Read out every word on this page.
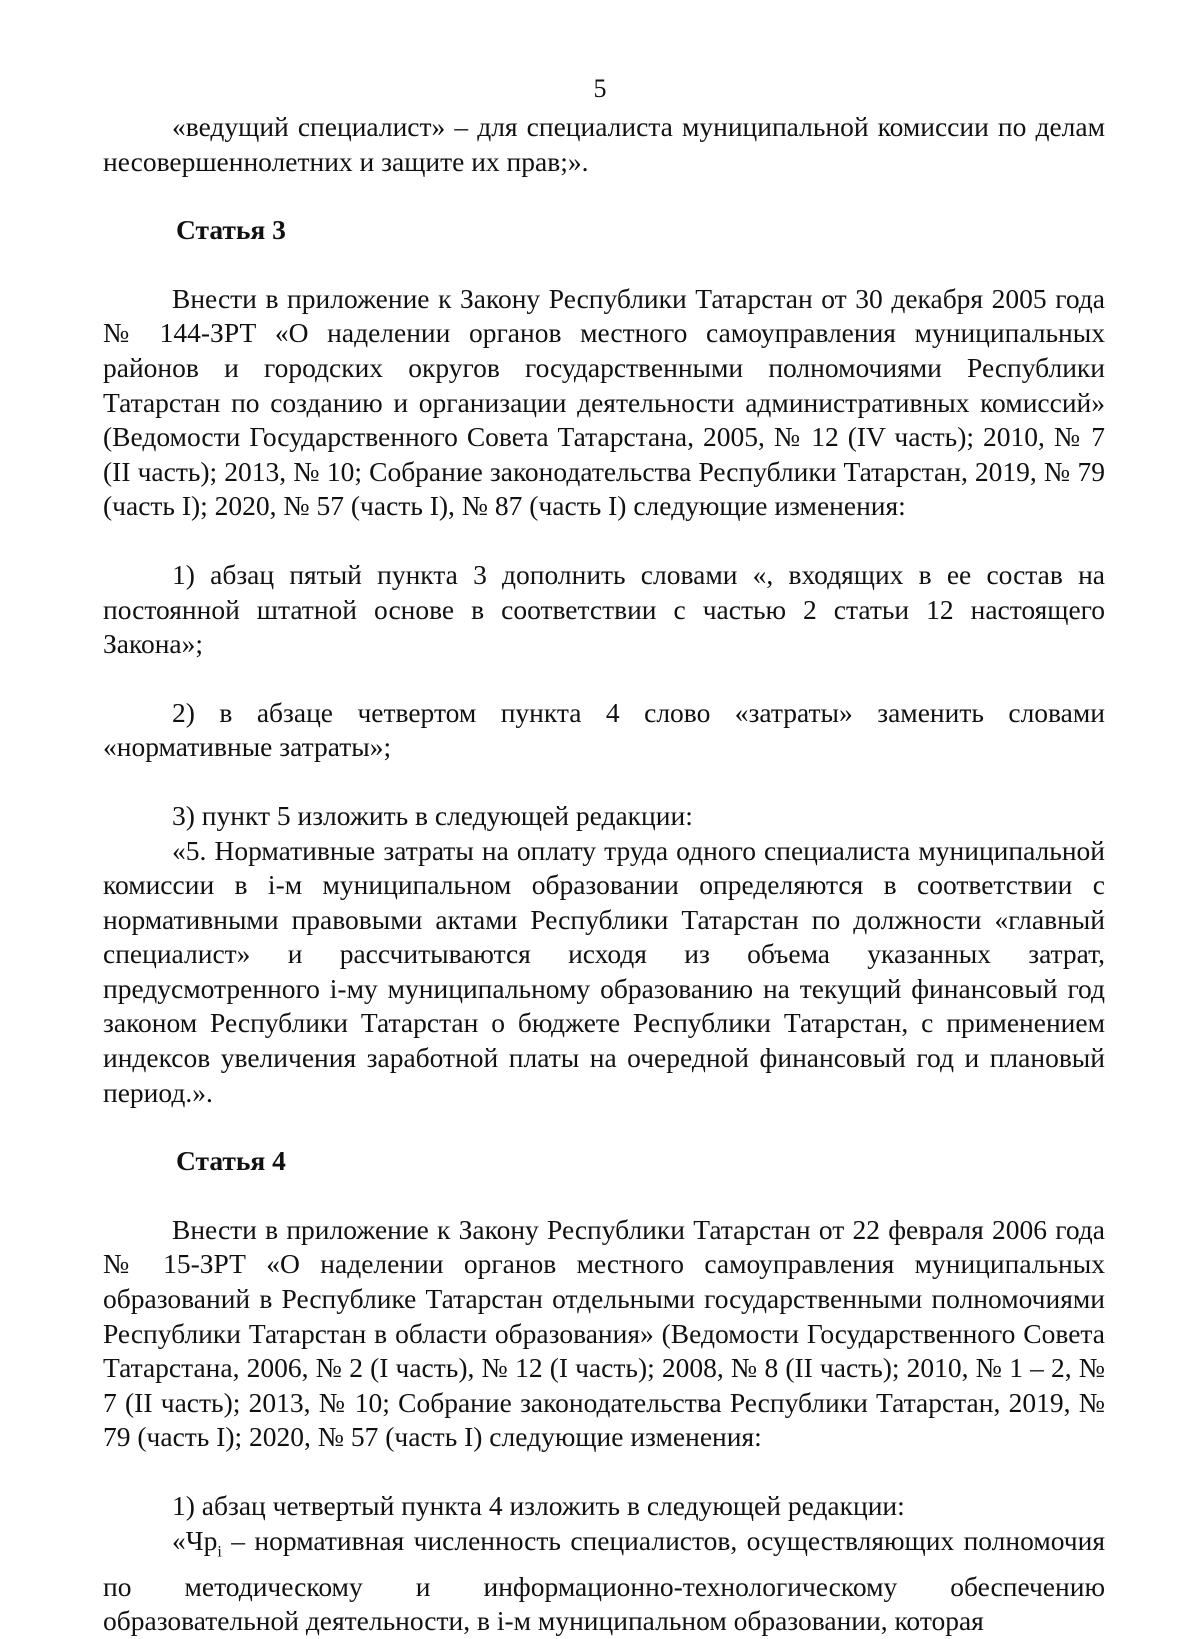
5

«ведущий специалист» – для специалиста муниципальной комиссии по делам несовершеннолетних и защите их прав;».

Статья 3

Внести в приложение к Закону Республики Татарстан от 30 декабря 2005 года № 144-ЗРТ «О наделении органов местного самоуправления муниципальных районов и городских округов государственными полномочиями Республики Татарстан по созданию и организации деятельности административных комиссий» (Ведомости Государственного Совета Татарстана, 2005, № 12 (IV часть); 2010, № 7 (II часть); 2013, № 10; Собрание законодательства Республики Татарстан, 2019, № 79 (часть I); 2020, № 57 (часть I), № 87 (часть I) следующие изменения:

1) абзац пятый пункта 3 дополнить словами «, входящих в ее состав на постоянной штатной основе в соответствии с частью 2 статьи 12 настоящего Закона»;

2) в абзаце четвертом пункта 4 слово «затраты» заменить словами «нормативные затраты»;

3) пункт 5 изложить в следующей редакции:

«5. Нормативные затраты на оплату труда одного специалиста муниципальной комиссии в i-м муниципальном образовании определяются в соответствии с нормативными правовыми актами Республики Татарстан по должности «главный специалист» и рассчитываются исходя из объема указанных затрат, предусмотренного i-му муниципальному образованию на текущий финансовый год законом Республики Татарстан о бюджете Республики Татарстан, с применением индексов увеличения заработной платы на очередной финансовый год и плановый период.».

Статья 4

Внести в приложение к Закону Республики Татарстан от 22 февраля 2006 года № 15-ЗРТ «О наделении органов местного самоуправления муниципальных образований в Республике Татарстан отдельными государственными полномочиями Республики Татарстан в области образования» (Ведомости Государственного Совета Татарстана, 2006, № 2 (I часть), № 12 (I часть); 2008, № 8 (II часть); 2010, № 1 – 2, № 7 (II часть); 2013, № 10; Собрание законодательства Республики Татарстан, 2019, № 79 (часть I); 2020, № 57 (часть I) следующие изменения:

1) абзац четвертый пункта 4 изложить в следующей редакции:

«$Чр_i$ – нормативная численность специалистов, осуществляющих полномочия по методическому и информационно-технологическому обеспечению образовательной деятельности, в i-м муниципальном образовании, которая
